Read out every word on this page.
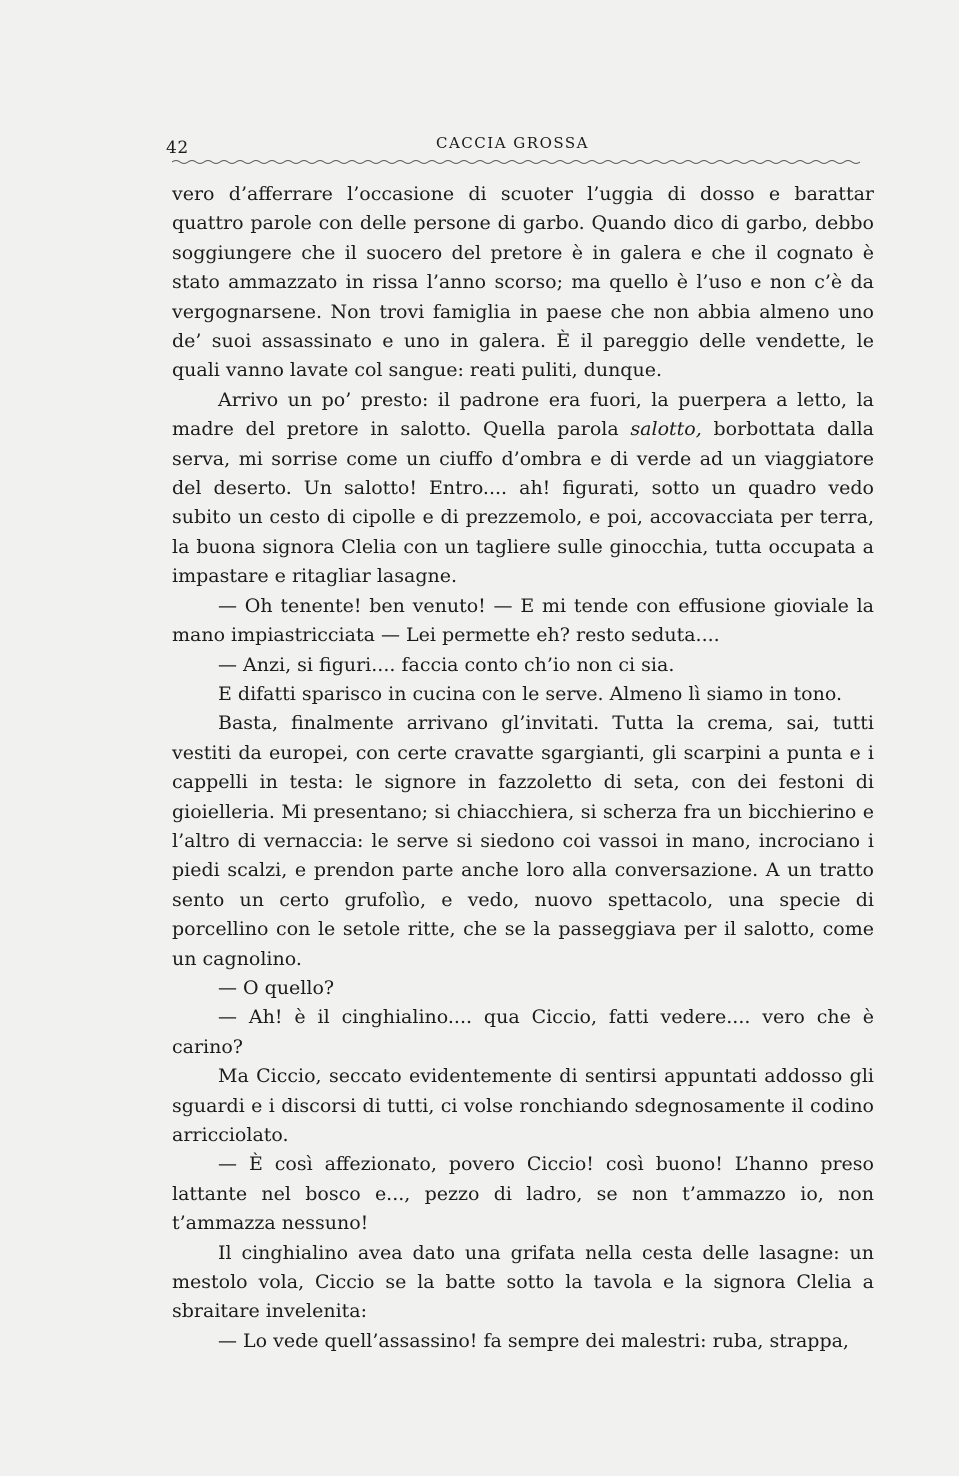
42	CACCIA GROSSA

vero d’afferrare l’occasione di scuoter l’uggia di dosso e barattar quattro parole con delle persone di garbo. Quando dico di garbo, debbo soggiungere che il suocero del pretore è in galera e che il cognato è stato ammazzato in rissa l’anno scorso; ma quello è l’uso e non c’è da vergognarsene. Non trovi famiglia in paese che non abbia almeno uno de’ suoi assassinato e uno in galera. È il pareggio delle vendette, le quali vanno lavate col sangue: reati puliti, dunque.

Arrivo un po’ presto: il padrone era fuori, la puerpera a letto, la madre del pretore in salotto. Quella parola salotto, borbottata dalla serva, mi sorrise come un ciuffo d’ombra e di verde ad un viaggiatore del deserto. Un salotto! Entro.... ah! figurati, sotto un quadro vedo subito un cesto di cipolle e di prezzemolo, e poi, accovacciata per terra, la buona signora Clelia con un tagliere sulle ginocchia, tutta occupata a impastare e ritagliar lasagne.

— Oh tenente! ben venuto! — E mi tende con effusione gioviale la mano impiastricciata — Lei permette eh? resto seduta....

— Anzi, si figuri.... faccia conto ch’io non ci sia.

E difatti sparisco in cucina con le serve. Almeno lì siamo in tono.

Basta, finalmente arrivano gl’invitati. Tutta la crema, sai, tutti vestiti da europei, con certe cravatte sgargianti, gli scarpini a punta e i cappelli in testa: le signore in fazzoletto di seta, con dei festoni di gioielleria. Mi presentano; si chiacchiera, si scherza fra un bicchierino e l’altro di vernaccia: le serve si siedono coi vassoi in mano, incrociano i piedi scalzi, e prendon parte anche loro alla conversazione. A un tratto sento un certo grufolìo, e vedo, nuovo spettacolo, una specie di porcellino con le setole ritte, che se la passeggiava per il salotto, come un cagnolino.

— O quello?

— Ah! è il cinghialino.... qua Ciccio, fatti vedere.... vero che è carino?

Ma Ciccio, seccato evidentemente di sentirsi appuntati addosso gli sguardi e i discorsi di tutti, ci volse ronchiando sdegnosamente il codino arricciolato.

— È così affezionato, povero Ciccio! così buono! L’hanno preso lattante nel bosco e..., pezzo di ladro, se non t’ammazzo io, non t’ammazza nessuno!

Il cinghialino avea dato una grifata nella cesta delle lasagne: un mestolo vola, Ciccio se la batte sotto la tavola e la signora Clelia a sbraitare invelenita:

— Lo vede quell’assassino! fa sempre dei malestri: ruba, strappa,
